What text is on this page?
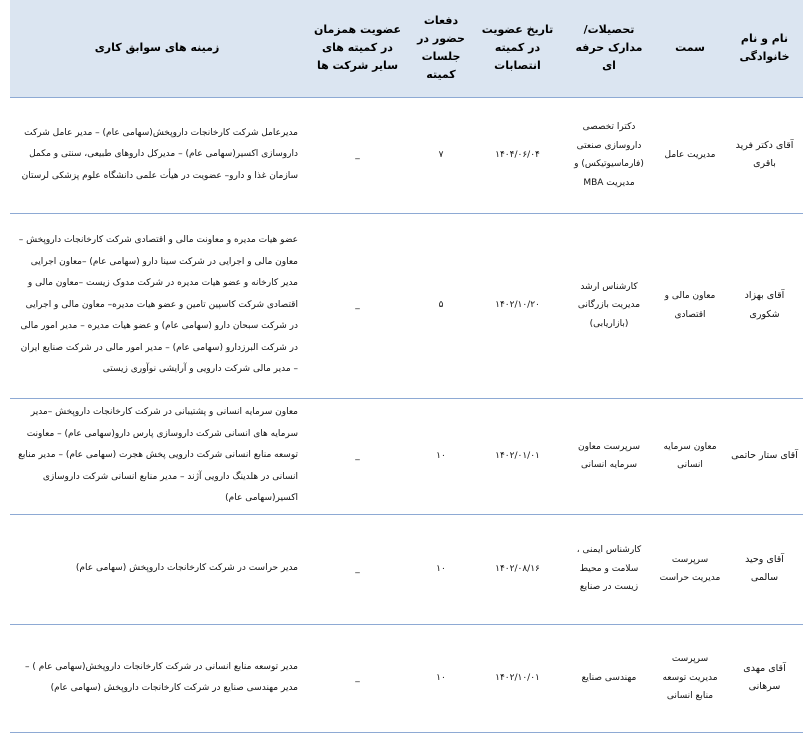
نام و نام خانوادگی	سمت	تحصیلات/ مدارک حرفه ای	تاریخ عضویت در کمیته انتصابات	دفعات حضور در جلسات کمیته	عضویت همزمان در کمیته های سایر شرکت ها	زمینه های سوابق کاری
آقای دکتر فرید باقری	مدیریت عامل	دکترا تخصصی داروسازی صنعتی (فارماسیوتیکس) و مدیریت MBA	۱۴۰۴/۰۶/۰۴	۷	_	مدیرعامل شرکت کارخانجات داروپخش(سهامی عام) – مدیر عامل شرکت داروسازی اکسیر(سهامی عام) – مدیرکل داروهای طبیعی، سنتی و مکمل سازمان غذا و دارو– عضویت در هیأت علمی دانشگاه علوم پزشکی لرستان
آقای بهزاد شکوری	معاون مالی و اقتصادی	کارشناس ارشد مدیریت بازرگانی (بازاریابی)	۱۴۰۲/۱۰/۲۰	۵	_	عضو هیات مدیره و معاونت مالی و اقتصادی شرکت کارخانجات داروپخش –معاون مالی و اجرایی در شرکت سینا دارو (سهامی عام) –معاون اجرایی مدیر کارخانه و عضو هیات مدیره در شرکت مدوک زیست –معاون مالی و اقتصادی شرکت کاسپین تامین و عضو هیات مدیره– معاون مالی و اجرایی در شرکت سبحان دارو (سهامی عام) و عضو هیات مدیره – مدیر امور مالی در شرکت البرزدارو (سهامی عام) – مدیر امور مالی در شرکت صنایع ایران – مدیر مالی شرکت دارویی و آرایشی نوآوری زیستی
آقای ستار حاتمی	معاون سرمایه انسانی	سرپرست معاون سرمایه انسانی	۱۴۰۲/۰۱/۰۱	۱۰	_	معاون سرمایه انسانی و پشتیبانی در شرکت کارخانجات داروپخش –مدیر سرمایه های انسانی شرکت داروسازی پارس دارو(سهامی عام) – معاونت توسعه منابع انسانی شرکت دارویی پخش هجرت (سهامی عام) – مدیر منابع انسانی در هلدینگ دارویی آژند – مدیر منابع انسانی شرکت داروسازی اکسیر(سهامی عام)
آقای وحید سالمی	سرپرست مدیریت حراست	کارشناس ایمنی ، سلامت و محیط زیست در صنایع	۱۴۰۲/۰۸/۱۶	۱۰	_	مدیر حراست در شرکت کارخانجات داروپخش (سهامی عام)
آقای مهدی سرهانی	سرپرست مدیریت توسعه منابع انسانی	مهندسی صنایع	۱۴۰۲/۱۰/۰۱	۱۰	_	مدیر توسعه منابع انسانی در شرکت کارخانجات داروپخش(سهامی عام ) – مدیر مهندسی صنایع در شرکت کارخانجات داروپخش (سهامی عام)
